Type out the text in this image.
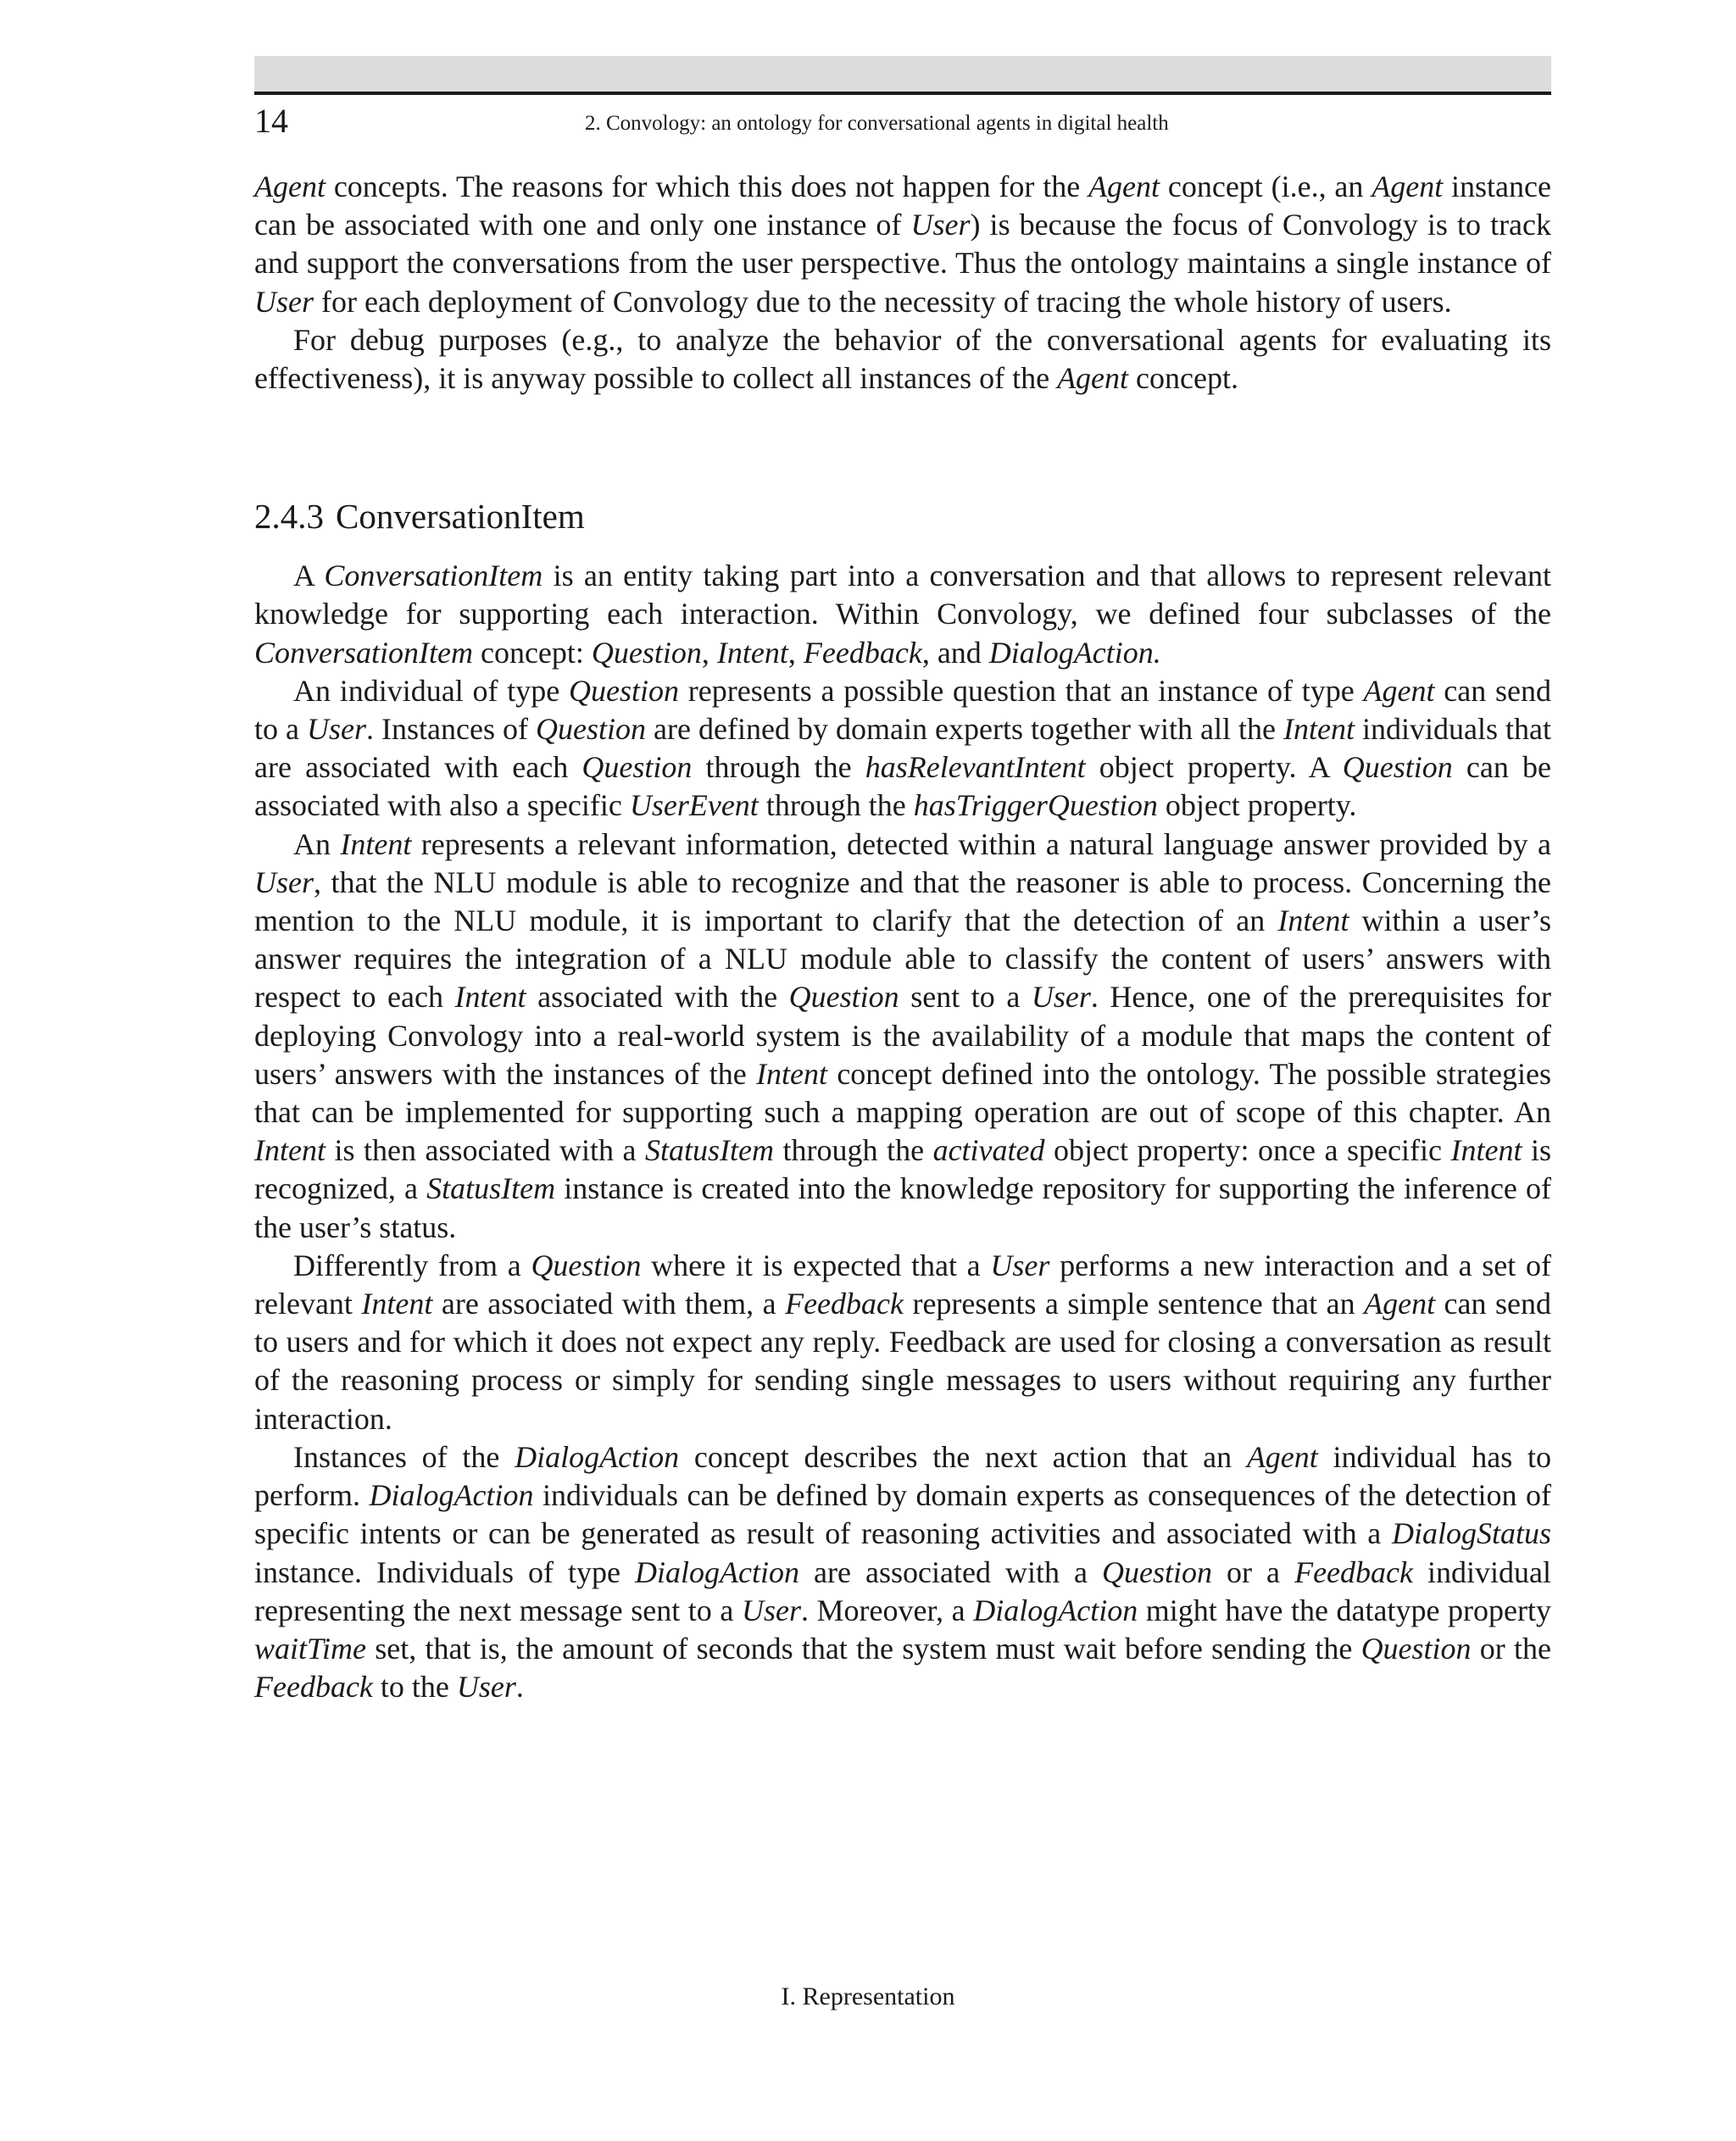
14	2. Convology: an ontology for conversational agents in digital health

Agent concepts. The reasons for which this does not happen for the Agent concept (i.e., an Agent instance can be associated with one and only one instance of User) is because the focus of Convology is to track and support the conversations from the user perspective. Thus the ontology maintains a single instance of User for each deployment of Convology due to the necessity of tracing the whole history of users.

For debug purposes (e.g., to analyze the behavior of the conversational agents for evaluating its effectiveness), it is anyway possible to collect all instances of the Agent concept.

2.4.3 ConversationItem

A ConversationItem is an entity taking part into a conversation and that allows to represent relevant knowledge for supporting each interaction. Within Convology, we defined four subclasses of the ConversationItem concept: Question, Intent, Feedback, and DialogAction.

An individual of type Question represents a possible question that an instance of type Agent can send to a User. Instances of Question are defined by domain experts together with all the Intent individuals that are associated with each Question through the hasRelevantIntent object property. A Question can be associated with also a specific UserEvent through the hasTriggerQuestion object property.

An Intent represents a relevant information, detected within a natural language answer provided by a User, that the NLU module is able to recognize and that the reasoner is able to process. Concerning the mention to the NLU module, it is important to clarify that the detection of an Intent within a user’s answer requires the integration of a NLU module able to classify the content of users’ answers with respect to each Intent associated with the Question sent to a User. Hence, one of the prerequisites for deploying Convology into a real-world system is the availability of a module that maps the content of users’ answers with the instances of the Intent concept defined into the ontology. The possible strategies that can be implemented for supporting such a mapping operation are out of scope of this chapter. An Intent is then associated with a StatusItem through the activated object property: once a specific Intent is recognized, a StatusItem instance is created into the knowledge repository for supporting the inference of the user’s status.

Differently from a Question where it is expected that a User performs a new interaction and a set of relevant Intent are associated with them, a Feedback represents a simple sentence that an Agent can send to users and for which it does not expect any reply. Feedback are used for closing a conversation as result of the reasoning process or simply for sending single messages to users without requiring any further interaction.

Instances of the DialogAction concept describes the next action that an Agent individual has to perform. DialogAction individuals can be defined by domain experts as consequences of the detection of specific intents or can be generated as result of reasoning activities and associated with a DialogStatus instance. Individuals of type DialogAction are associated with a Question or a Feedback individual representing the next message sent to a User. Moreover, a DialogAction might have the datatype property waitTime set, that is, the amount of seconds that the system must wait before sending the Question or the Feedback to the User.

I. Representation
